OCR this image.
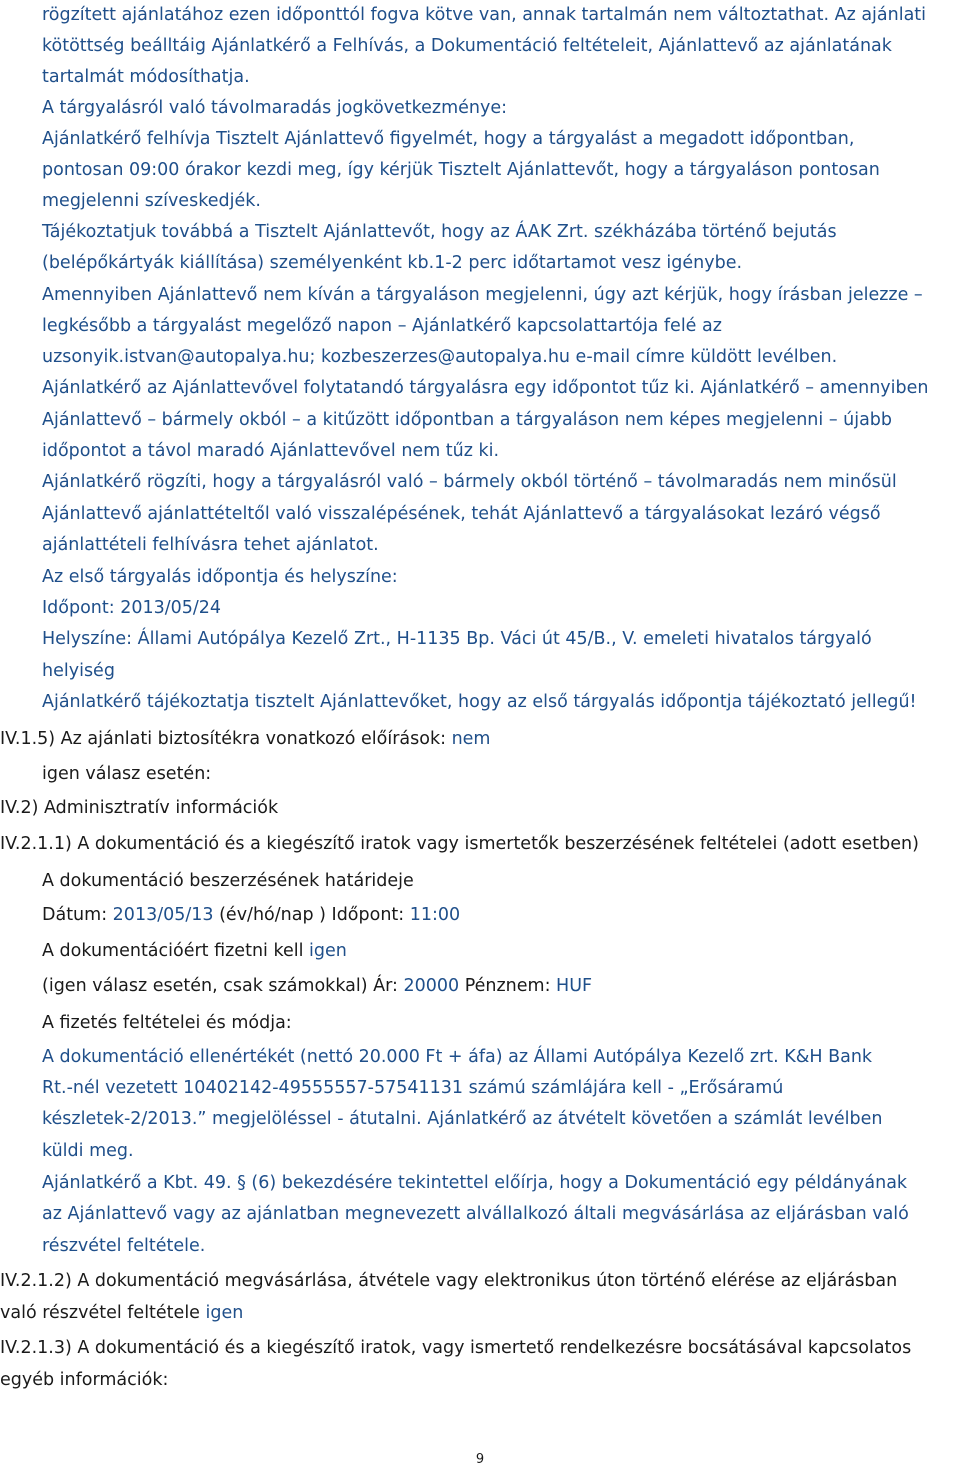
rögzített ajánlatához ezen időponttól fogva kötve van, annak tartalmán nem változtathat. Az ajánlati
kötöttség beálltáig Ajánlatkérő a Felhívás, a Dokumentáció feltételeit, Ajánlattevő az ajánlatának
tartalmát módosíthatja.
A tárgyalásról való távolmaradás jogkövetkezménye:
Ajánlatkérő felhívja Tisztelt Ajánlattevő figyelmét, hogy a tárgyalást a megadott időpontban,
pontosan 09:00 órakor kezdi meg, így kérjük Tisztelt Ajánlattevőt, hogy a tárgyaláson pontosan
megjelenni szíveskedjék.
Tájékoztatjuk továbbá a Tisztelt Ajánlattevőt, hogy az ÁAK Zrt. székházába történő bejutás
(belépőkártyák kiállítása) személyenként kb.1-2 perc időtartamot vesz igénybe.
Amennyiben Ajánlattevő nem kíván a tárgyaláson megjelenni, úgy azt kérjük, hogy írásban jelezze –
legkésőbb a tárgyalást megelőző napon – Ajánlatkérő kapcsolattartója felé az
uzsonyik.istvan@autopalya.hu; kozbeszerzes@autopalya.hu e-mail címre küldött levélben.
Ajánlatkérő az Ajánlattevővel folytatandó tárgyalásra egy időpontot tűz ki. Ajánlatkérő – amennyiben
Ajánlattevő – bármely okból – a kitűzött időpontban a tárgyaláson nem képes megjelenni – újabb
időpontot a távol maradó Ajánlattevővel nem tűz ki.
Ajánlatkérő rögzíti, hogy a tárgyalásról való – bármely okból történő – távolmaradás nem minősül
Ajánlattevő ajánlattételtől való visszalépésének, tehát Ajánlattevő a tárgyalásokat lezáró végső
ajánlattételi felhívásra tehet ajánlatot.
Az első tárgyalás időpontja és helyszíne:
Időpont: 2013/05/24
Helyszíne: Állami Autópálya Kezelő Zrt., H-1135 Bp. Váci út 45/B., V. emeleti hivatalos tárgyaló
helyiség
Ajánlatkérő tájékoztatja tisztelt Ajánlattevőket, hogy az első tárgyalás időpontja tájékoztató jellegű!
IV.1.5) Az ajánlati biztosítékra vonatkozó előírások: nem
igen válasz esetén:
IV.2) Adminisztratív információk
IV.2.1.1) A dokumentáció és a kiegészítő iratok vagy ismertetők beszerzésének feltételei (adott esetben)
A dokumentáció beszerzésének határideje
Dátum: 2013/05/13 (év/hó/nap ) Időpont: 11:00
A dokumentációért fizetni kell igen
(igen válasz esetén, csak számokkal) Ár: 20000 Pénznem: HUF
A fizetés feltételei és módja:
A dokumentáció ellenértékét (nettó 20.000 Ft + áfa) az Állami Autópálya Kezelő zrt. K&H Bank
Rt.-nél vezetett 10402142-49555557-57541131 számú számlájára kell - „Erősáramú
készletek-2/2013.” megjelöléssel - átutalni. Ajánlatkérő az átvételt követően a számlát levélben
küldi meg.
Ajánlatkérő a Kbt. 49. § (6) bekezdésére tekintettel előírja, hogy a Dokumentáció egy példányának
az Ajánlattevő vagy az ajánlatban megnevezett alvállalkozó általi megvásárlása az eljárásban való
részvétel feltétele.
IV.2.1.2) A dokumentáció megvásárlása, átvétele vagy elektronikus úton történő elérése az eljárásban
való részvétel feltétele igen
IV.2.1.3) A dokumentáció és a kiegészítő iratok, vagy ismertető rendelkezésre bocsátásával kapcsolatos
egyéb információk:
9
